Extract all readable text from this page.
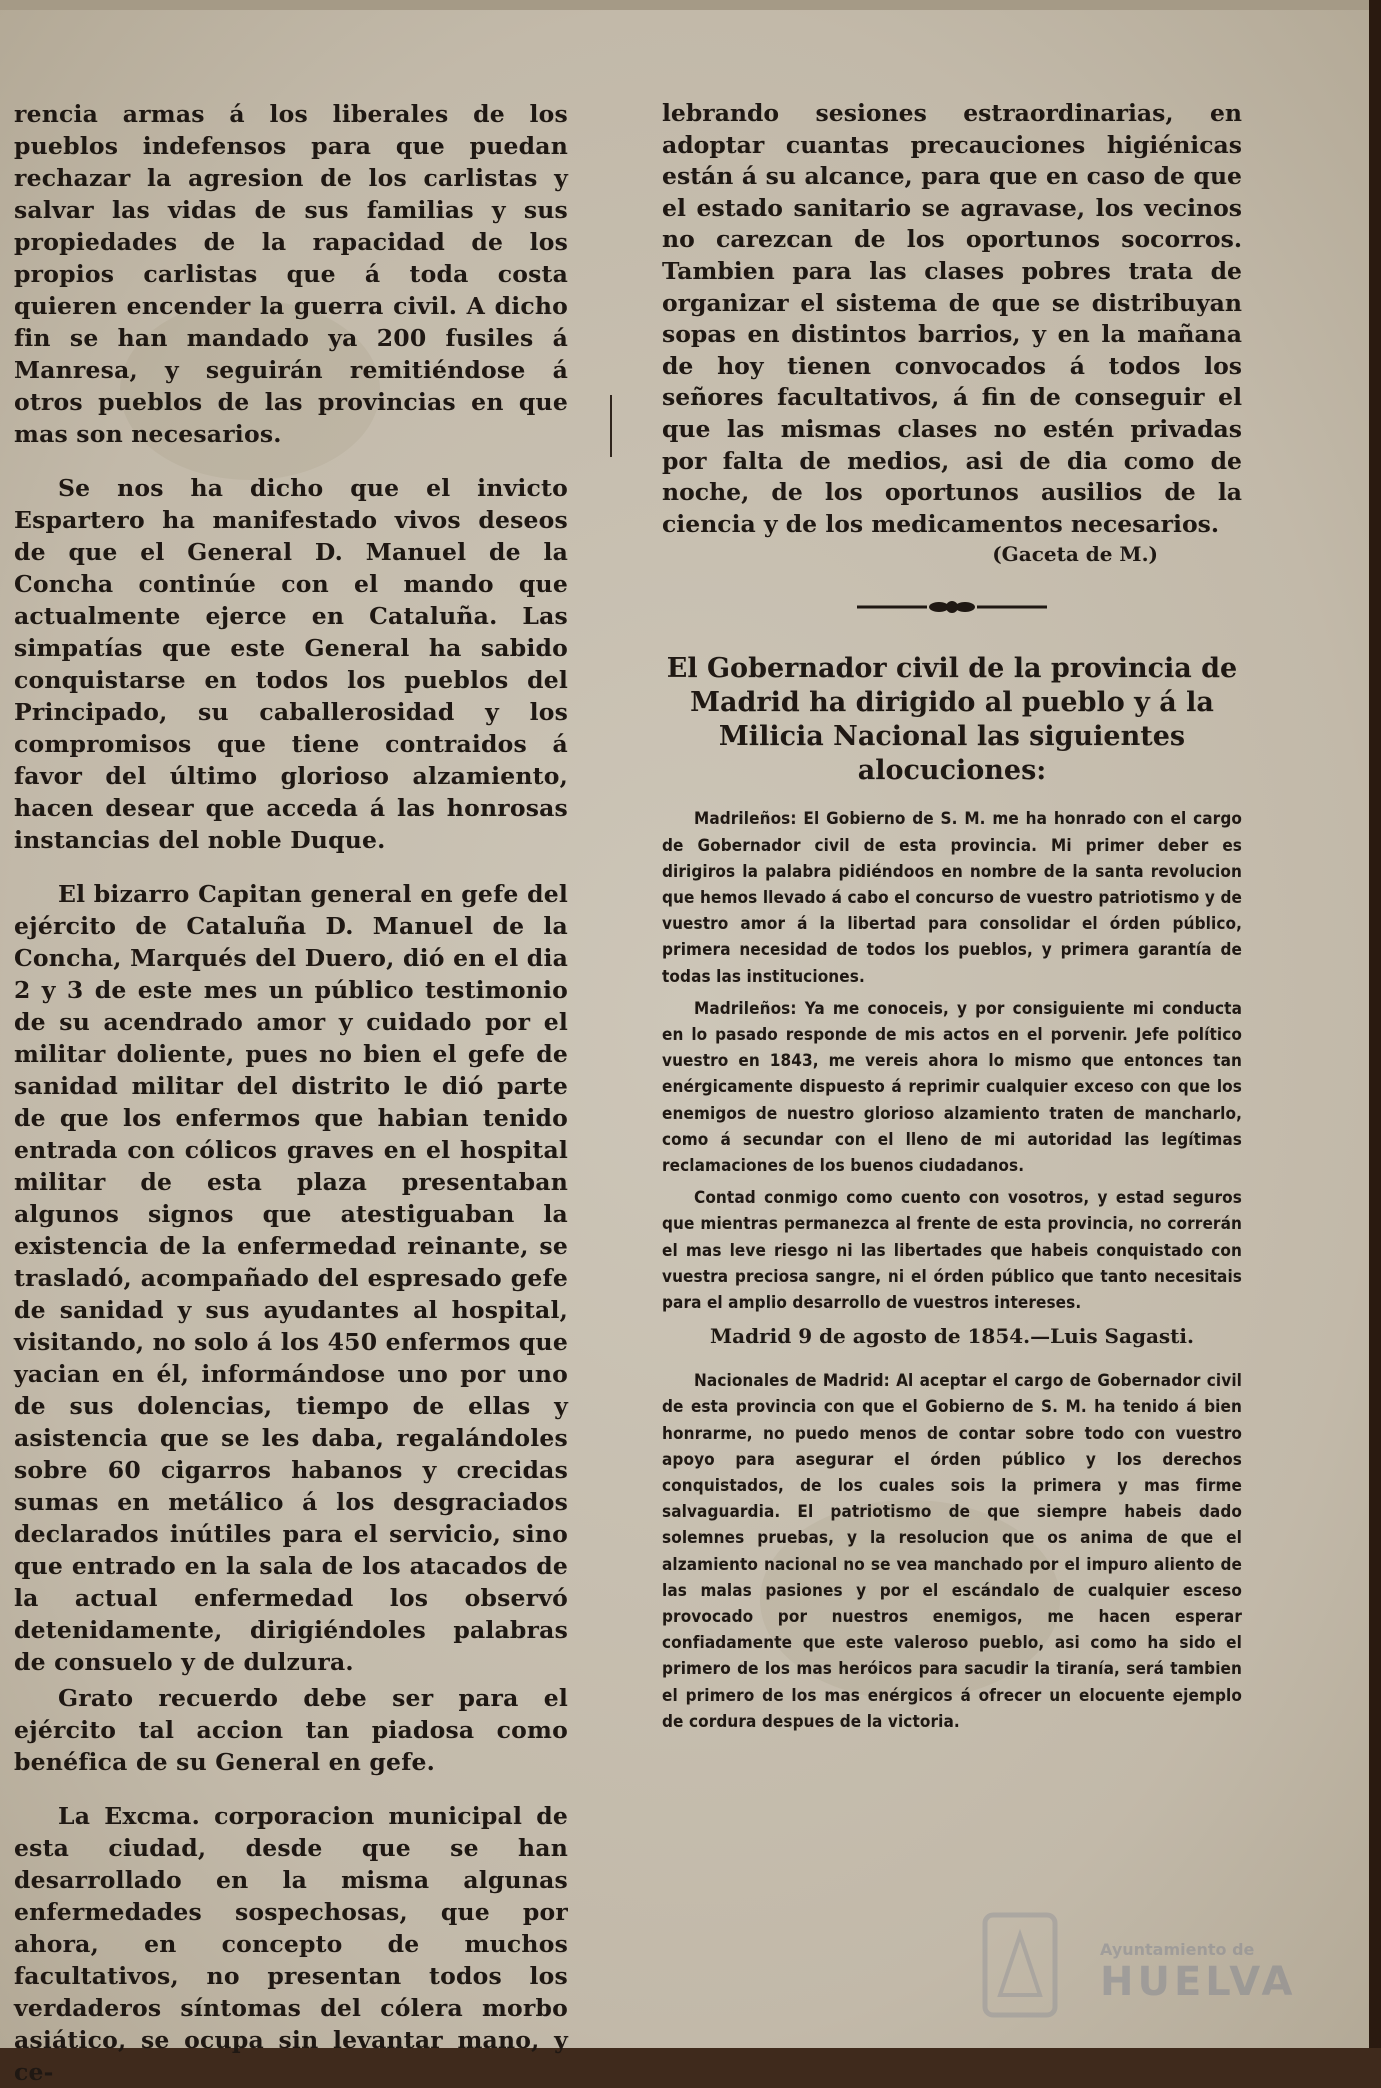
rencia armas á los liberales de los pueblos indefensos para que puedan rechazar la agresion de los carlistas y salvar las vidas de sus familias y sus propiedades de la rapacidad de los propios carlistas que á toda costa quieren encender la guerra civil. A dicho fin se han mandado ya 200 fusiles á Manresa, y seguirán remitiéndose á otros pueblos de las provincias en que mas son necesarios.

Se nos ha dicho que el invicto Espartero ha manifestado vivos deseos de que el General D. Manuel de la Concha continúe con el mando que actualmente ejerce en Cataluña. Las simpatías que este General ha sabido conquistarse en todos los pueblos del Principado, su caballerosidad y los compromisos que tiene contraidos á favor del último glorioso alzamiento, hacen desear que acceda á las honrosas instancias del noble Duque.

El bizarro Capitan general en gefe del ejército de Cataluña D. Manuel de la Concha, Marqués del Duero, dió en el dia 2 y 3 de este mes un público testimonio de su acendrado amor y cuidado por el militar doliente, pues no bien el gefe de sanidad militar del distrito le dió parte de que los enfermos que habian tenido entrada con cólicos graves en el hospital militar de esta plaza presentaban algunos signos que atestiguaban la existencia de la enfermedad reinante, se trasladó, acompañado del espresado gefe de sanidad y sus ayudantes al hospital, visitando, no solo á los 450 enfermos que yacian en él, informándose uno por uno de sus dolencias, tiempo de ellas y asistencia que se les daba, regalándoles sobre 60 cigarros habanos y crecidas sumas en metálico á los desgraciados declarados inútiles para el servicio, sino que entrado en la sala de los atacados de la actual enfermedad los observó detenidamente, dirigiéndoles palabras de consuelo y de dulzura.

Grato recuerdo debe ser para el ejército tal accion tan piadosa como benéfica de su General en gefe.

La Excma. corporacion municipal de esta ciudad, desde que se han desarrollado en la misma algunas enfermedades sospechosas, que por ahora, en concepto de muchos facultativos, no presentan todos los verdaderos síntomas del cólera morbo asiático, se ocupa sin levantar mano, y ce-

lebrando sesiones estraordinarias, en adoptar cuantas precauciones higiénicas están á su alcance, para que en caso de que el estado sanitario se agravase, los vecinos no carezcan de los oportunos socorros. Tambien para las clases pobres trata de organizar el sistema de que se distribuyan sopas en distintos barrios, y en la mañana de hoy tienen convocados á todos los señores facultativos, á fin de conseguir el que las mismas clases no estén privadas por falta de medios, asi de dia como de noche, de los oportunos ausilios de la ciencia y de los medicamentos necesarios.

(Gaceta de M.)
El Gobernador civil de la provincia de Madrid ha dirigido al pueblo y á la Milicia Nacional las siguientes alocuciones:

Madrileños: El Gobierno de S. M. me ha honrado con el cargo de Gobernador civil de esta provincia. Mi primer deber es dirigiros la palabra pidiéndoos en nombre de la santa revolucion que hemos llevado á cabo el concurso de vuestro patriotismo y de vuestro amor á la libertad para consolidar el órden público, primera necesidad de todos los pueblos, y primera garantía de todas las instituciones.

Madrileños: Ya me conoceis, y por consiguiente mi conducta en lo pasado responde de mis actos en el porvenir. Jefe político vuestro en 1843, me vereis ahora lo mismo que entonces tan enérgicamente dispuesto á reprimir cualquier exceso con que los enemigos de nuestro glorioso alzamiento traten de mancharlo, como á secundar con el lleno de mi autoridad las legítimas reclamaciones de los buenos ciudadanos.

Contad conmigo como cuento con vosotros, y estad seguros que mientras permanezca al frente de esta provincia, no correrán el mas leve riesgo ni las libertades que habeis conquistado con vuestra preciosa sangre, ni el órden público que tanto necesitais para el amplio desarrollo de vuestros intereses.

Madrid 9 de agosto de 1854.—Luis Sagasti.

Nacionales de Madrid: Al aceptar el cargo de Gobernador civil de esta provincia con que el Gobierno de S. M. ha tenido á bien honrarme, no puedo menos de contar sobre todo con vuestro apoyo para asegurar el órden público y los derechos conquistados, de los cuales sois la primera y mas firme salvaguardia. El patriotismo de que siempre habeis dado solemnes pruebas, y la resolucion que os anima de que el alzamiento nacional no se vea manchado por el impuro aliento de las malas pasiones y por el escándalo de cualquier esceso provocado por nuestros enemigos, me hacen esperar confiadamente que este valeroso pueblo, asi como ha sido el primero de los mas heróicos para sacudir la tiranía, será tambien el primero de los mas enérgicos á ofrecer un elocuente ejemplo de cordura despues de la victoria.

Ayuntamiento de
HUELVA
